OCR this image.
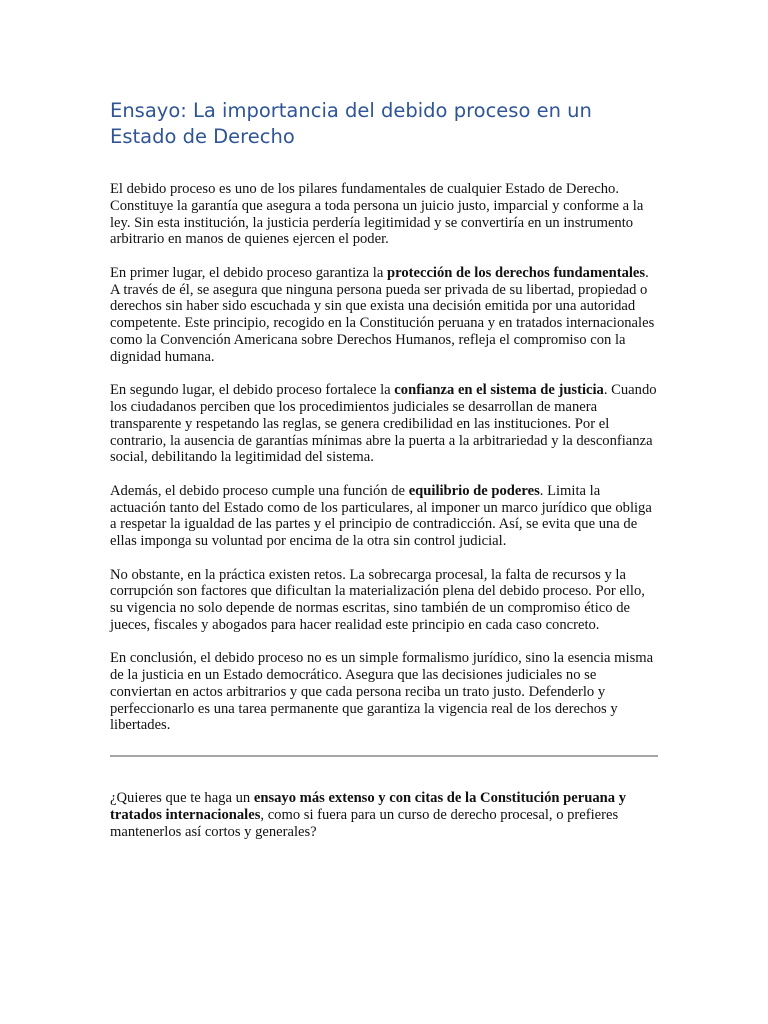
Ensayo: La importancia del debido proceso en un Estado de Derecho

El debido proceso es uno de los pilares fundamentales de cualquier Estado de Derecho. Constituye la garantía que asegura a toda persona un juicio justo, imparcial y conforme a la ley. Sin esta institución, la justicia perdería legitimidad y se convertiría en un instrumento arbitrario en manos de quienes ejercen el poder.

En primer lugar, el debido proceso garantiza la protección de los derechos fundamentales. A través de él, se asegura que ninguna persona pueda ser privada de su libertad, propiedad o derechos sin haber sido escuchada y sin que exista una decisión emitida por una autoridad competente. Este principio, recogido en la Constitución peruana y en tratados internacionales como la Convención Americana sobre Derechos Humanos, refleja el compromiso con la dignidad humana.

En segundo lugar, el debido proceso fortalece la confianza en el sistema de justicia. Cuando los ciudadanos perciben que los procedimientos judiciales se desarrollan de manera transparente y respetando las reglas, se genera credibilidad en las instituciones. Por el contrario, la ausencia de garantías mínimas abre la puerta a la arbitrariedad y la desconfianza social, debilitando la legitimidad del sistema.

Además, el debido proceso cumple una función de equilibrio de poderes. Limita la actuación tanto del Estado como de los particulares, al imponer un marco jurídico que obliga a respetar la igualdad de las partes y el principio de contradicción. Así, se evita que una de ellas imponga su voluntad por encima de la otra sin control judicial.

No obstante, en la práctica existen retos. La sobrecarga procesal, la falta de recursos y la corrupción son factores que dificultan la materialización plena del debido proceso. Por ello, su vigencia no solo depende de normas escritas, sino también de un compromiso ético de jueces, fiscales y abogados para hacer realidad este principio en cada caso concreto.

En conclusión, el debido proceso no es un simple formalismo jurídico, sino la esencia misma de la justicia en un Estado democrático. Asegura que las decisiones judiciales no se conviertan en actos arbitrarios y que cada persona reciba un trato justo. Defenderlo y perfeccionarlo es una tarea permanente que garantiza la vigencia real de los derechos y libertades.

¿Quieres que te haga un ensayo más extenso y con citas de la Constitución peruana y tratados internacionales, como si fuera para un curso de derecho procesal, o prefieres mantenerlos así cortos y generales?
